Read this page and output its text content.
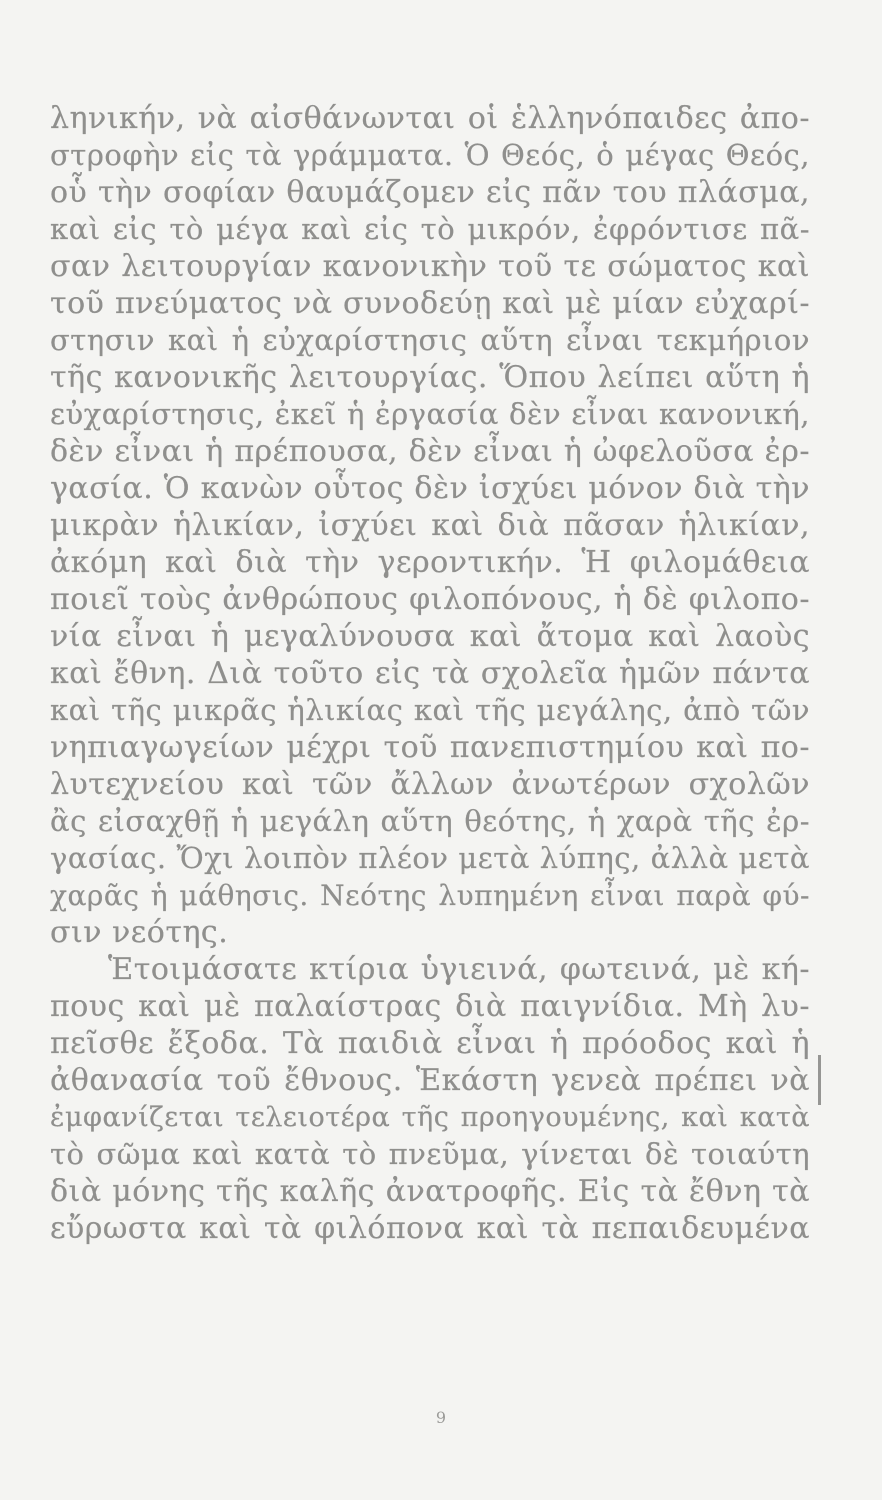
ληνικήν, νὰ αἰσθάνωνται οἱ ἑλληνόπαιδες ἀπο-
στροφὴν εἰς τὰ γράμματα. Ὁ Θεός, ὁ μέγας Θεός,
οὗ τὴν σοφίαν θαυμάζομεν εἰς πᾶν του πλάσμα,
καὶ εἰς τὸ μέγα καὶ εἰς τὸ μικρόν, ἐφρόντισε πᾶ-
σαν λειτουργίαν κανονικὴν τοῦ τε σώματος καὶ
τοῦ πνεύματος νὰ συνοδεύῃ καὶ μὲ μίαν εὐχαρί-
στησιν καὶ ἡ εὐχαρίστησις αὕτη εἶναι τεκμήριον
τῆς κανονικῆς λειτουργίας. Ὅπου λείπει αὕτη ἡ
εὐχαρίστησις, ἐκεῖ ἡ ἐργασία δὲν εἶναι κανονική,
δὲν εἶναι ἡ πρέπουσα, δὲν εἶναι ἡ ὠφελοῦσα ἐρ-
γασία. Ὁ κανὼν οὗτος δὲν ἰσχύει μόνον διὰ τὴν
μικρὰν ἡλικίαν, ἰσχύει καὶ διὰ πᾶσαν ἡλικίαν,
ἀκόμη καὶ διὰ τὴν γεροντικήν. Ἡ φιλομάθεια
ποιεῖ τοὺς ἀνθρώπους φιλοπόνους, ἡ δὲ φιλοπο-
νία εἶναι ἡ μεγαλύνουσα καὶ ἄτομα καὶ λαοὺς
καὶ ἔθνη. Διὰ τοῦτο εἰς τὰ σχολεῖα ἡμῶν πάντα
καὶ τῆς μικρᾶς ἡλικίας καὶ τῆς μεγάλης, ἀπὸ τῶν
νηπιαγωγείων μέχρι τοῦ πανεπιστημίου καὶ πο-
λυτεχνείου καὶ τῶν ἄλλων ἀνωτέρων σχολῶν
ἂς εἰσαχθῇ ἡ μεγάλη αὕτη θεότης, ἡ χαρὰ τῆς ἐρ-
γασίας. Ὄχι λοιπὸν πλέον μετὰ λύπης, ἀλλὰ μετὰ
χαρᾶς ἡ μάθησις. Νεότης λυπημένη εἶναι παρὰ φύ-
σιν νεότης.
Ἑτοιμάσατε κτίρια ὑγιεινά, φωτεινά, μὲ κή-
πους καὶ μὲ παλαίστρας διὰ παιγνίδια. Μὴ λυ-
πεῖσθε ἔξοδα. Τὰ παιδιὰ εἶναι ἡ πρόοδος καὶ ἡ
ἀθανασία τοῦ ἔθνους. Ἑκάστη γενεὰ πρέπει νὰ
ἐμφανίζεται τελειοτέρα τῆς προηγουμένης, καὶ κατὰ
τὸ σῶμα καὶ κατὰ τὸ πνεῦμα, γίνεται δὲ τοιαύτη
διὰ μόνης τῆς καλῆς ἀνατροφῆς. Εἰς τὰ ἔθνη τὰ
εὔρωστα καὶ τὰ φιλόπονα καὶ τὰ πεπαιδευμένα
9
